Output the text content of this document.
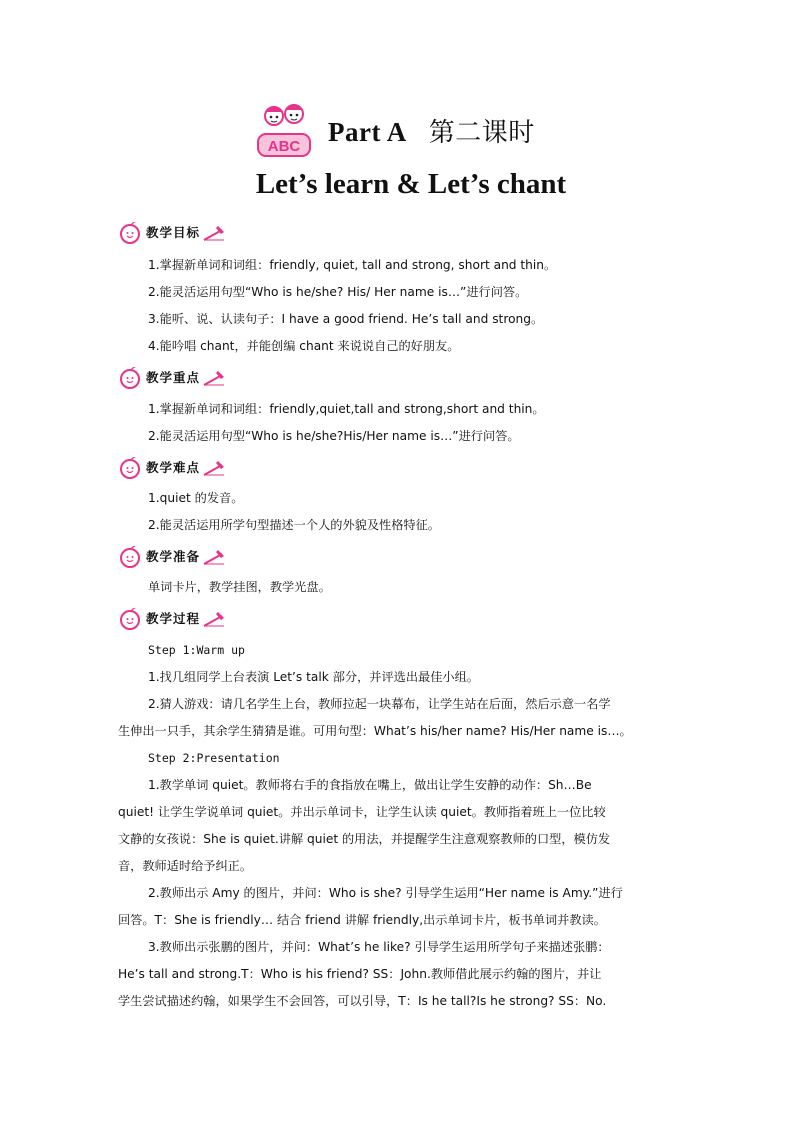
ABC Part A 第二课时
Let’s learn & Let’s chant
教学目标
1.掌握新单词和词组：friendly, quiet, tall and strong, short and thin。
2.能灵活运用句型“Who is he/she? His/ Her name is…”进行问答。
3.能听、说、认读句子：I have a good friend. He’s tall and strong。
4.能吟唱 chant，并能创编 chant 来说说自己的好朋友。
教学重点
1.掌握新单词和词组：friendly,quiet,tall and strong,short and thin。
2.能灵活运用句型“Who is he/she?His/Her name is…”进行问答。
教学难点
1.quiet 的发音。
2.能灵活运用所学句型描述一个人的外貌及性格特征。
教学准备
单词卡片，教学挂图，教学光盘。
教学过程
Step 1:Warm up
1.找几组同学上台表演 Let’s talk 部分，并评选出最佳小组。
2.猜人游戏：请几名学生上台，教师拉起一块幕布，让学生站在后面，然后示意一名学
生伸出一只手，其余学生猜猜是谁。可用句型：What’s his/her name? His/Her name is…。
Step 2:Presentation
1.教学单词 quiet。教师将右手的食指放在嘴上，做出让学生安静的动作：Sh…Be
quiet! 让学生学说单词 quiet。并出示单词卡，让学生认读 quiet。教师指着班上一位比较
文静的女孩说：She is quiet.讲解 quiet 的用法，并提醒学生注意观察教师的口型，模仿发
音，教师适时给予纠正。
2.教师出示 Amy 的图片，并问：Who is she? 引导学生运用“Her name is Amy.”进行
回答。T：She is friendly… 结合 friend 讲解 friendly,出示单词卡片，板书单词并教读。
3.教师出示张鹏的图片，并问：What’s he like? 引导学生运用所学句子来描述张鹏：
He’s tall and strong.T：Who is his friend? SS：John.教师借此展示约翰的图片，并让
学生尝试描述约翰，如果学生不会回答，可以引导，T：Is he tall?Is he strong? SS：No.
